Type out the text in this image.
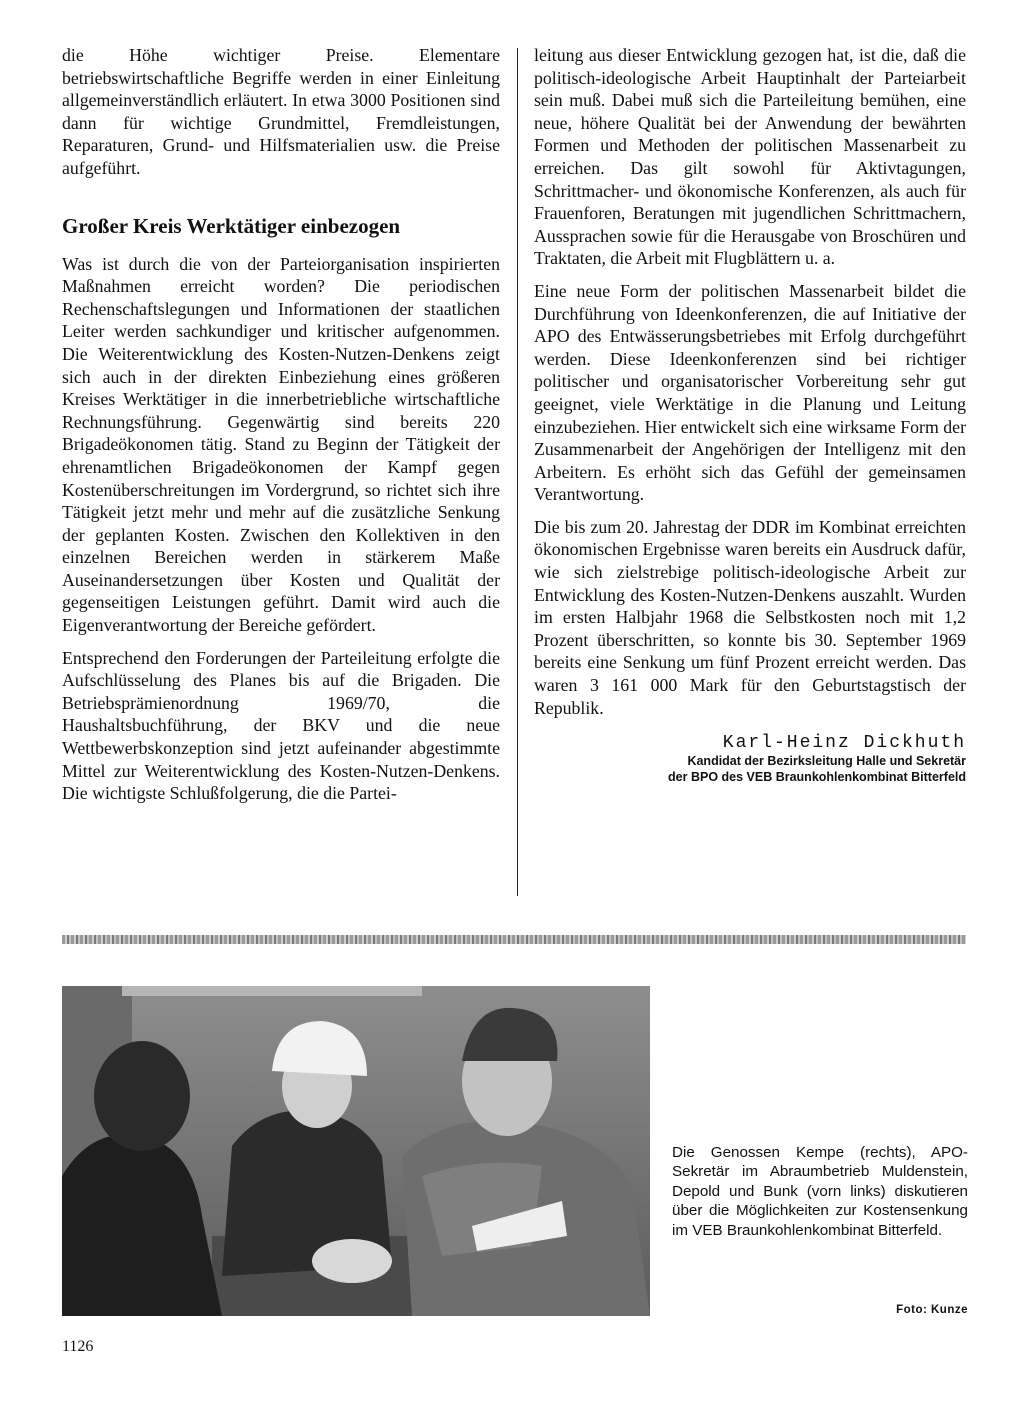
die Höhe wichtiger Preise. Elementare betriebswirtschaftliche Begriffe werden in einer Einleitung allgemeinverständlich erläutert. In etwa 3000 Positionen sind dann für wichtige Grundmittel, Fremdleistungen, Reparaturen, Grund- und Hilfsmaterialien usw. die Preise aufgeführt.

Großer Kreis Werktätiger einbezogen

Was ist durch die von der Parteiorganisation inspirierten Maßnahmen erreicht worden? Die periodischen Rechenschaftslegungen und Informationen der staatlichen Leiter werden sachkundiger und kritischer aufgenommen. Die Weiterentwicklung des Kosten-Nutzen-Denkens zeigt sich auch in der direkten Einbeziehung eines größeren Kreises Werktätiger in die innerbetriebliche wirtschaftliche Rechnungsführung. Gegenwärtig sind bereits 220 Brigadeökonomen tätig. Stand zu Beginn der Tätigkeit der ehrenamtlichen Brigadeökonomen der Kampf gegen Kostenüberschreitungen im Vordergrund, so richtet sich ihre Tätigkeit jetzt mehr und mehr auf die zusätzliche Senkung der geplanten Kosten. Zwischen den Kollektiven in den einzelnen Bereichen werden in stärkerem Maße Auseinandersetzungen über Kosten und Qualität der gegenseitigen Leistungen geführt. Damit wird auch die Eigenverantwortung der Bereiche gefördert.

Entsprechend den Forderungen der Parteileitung erfolgte die Aufschlüsselung des Planes bis auf die Brigaden. Die Betriebsprämienordnung 1969/70, die Haushaltsbuchführung, der BKV und die neue Wettbewerbskonzeption sind jetzt aufeinander abgestimmte Mittel zur Weiterentwicklung des Kosten-Nutzen-Denkens. Die wichtigste Schlußfolgerung, die die Partei-

leitung aus dieser Entwicklung gezogen hat, ist die, daß die politisch-ideologische Arbeit Hauptinhalt der Parteiarbeit sein muß. Dabei muß sich die Parteileitung bemühen, eine neue, höhere Qualität bei der Anwendung der bewährten Formen und Methoden der politischen Massenarbeit zu erreichen. Das gilt sowohl für Aktivtagungen, Schrittmacher- und ökonomische Konferenzen, als auch für Frauenforen, Beratungen mit jugendlichen Schrittmachern, Aussprachen sowie für die Herausgabe von Broschüren und Traktaten, die Arbeit mit Flugblättern u. a.

Eine neue Form der politischen Massenarbeit bildet die Durchführung von Ideenkonferenzen, die auf Initiative der APO des Entwässerungsbetriebes mit Erfolg durchgeführt werden. Diese Ideenkonferenzen sind bei richtiger politischer und organisatorischer Vorbereitung sehr gut geeignet, viele Werktätige in die Planung und Leitung einzubeziehen. Hier entwickelt sich eine wirksame Form der Zusammenarbeit der Angehörigen der Intelligenz mit den Arbeitern. Es erhöht sich das Gefühl der gemeinsamen Verantwortung.

Die bis zum 20. Jahrestag der DDR im Kombinat erreichten ökonomischen Ergebnisse waren bereits ein Ausdruck dafür, wie sich zielstrebige politisch-ideologische Arbeit zur Entwicklung des Kosten-Nutzen-Denkens auszahlt. Wurden im ersten Halbjahr 1968 die Selbstkosten noch mit 1,2 Prozent überschritten, so konnte bis 30. September 1969 bereits eine Senkung um fünf Prozent erreicht werden. Das waren 3 161 000 Mark für den Geburtstagstisch der Republik.

Karl-Heinz Dickhuth
Kandidat der Bezirksleitung Halle und Sekretär
der BPO des VEB Braunkohlenkombinat Bitterfeld
Die Genossen Kempe (rechts), APO-Sekretär im Abraumbetrieb Muldenstein, Depold und Bunk (vorn links) diskutieren über die Möglichkeiten zur Kostensenkung im VEB Braunkohlenkombinat Bitterfeld.
Foto: Kunze
1126
